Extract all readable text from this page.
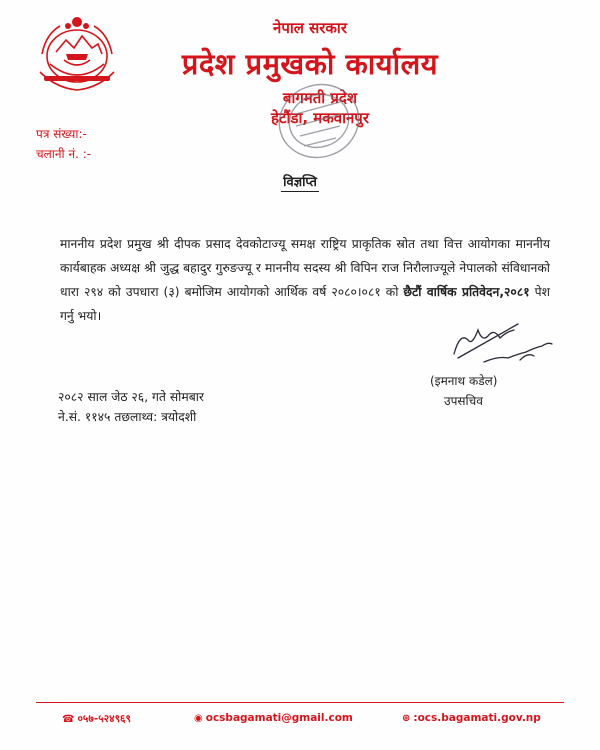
नेपाल सरकार
प्रदेश प्रमुखको कार्यालय
बागमती प्रदेश
हेटौंडा, मकवानपुर
पत्र संख्या:-
चलानी नं. :-
विज्ञप्ति
माननीय प्रदेश प्रमुख श्री दीपक प्रसाद देवकोटाज्यू समक्ष राष्ट्रिय प्राकृतिक स्रोत तथा वित्त आयोगका माननीय कार्यबाहक अध्यक्ष श्री जुद्ध बहादुर गुरुङज्यू र माननीय सदस्य श्री विपिन राज निरौलाज्यूले नेपालको संविधानको धारा २९४ को उपधारा (३) बमोजिम आयोगको आर्थिक वर्ष २०८०।०८१ को छैटौं वार्षिक प्रतिवेदन,२०८१ पेश गर्नु भयो।
(इमनाथ कडेल)
उपसचिव
२०८२ साल जेठ २६, गते सोमबार
ने.सं. ११४५ तछलाथ्व: त्रयोदशी
☎ ०५७-५२४९६९	◉ ocsbagamati@gmail.com	⊕ :ocs.bagamati.gov.np
